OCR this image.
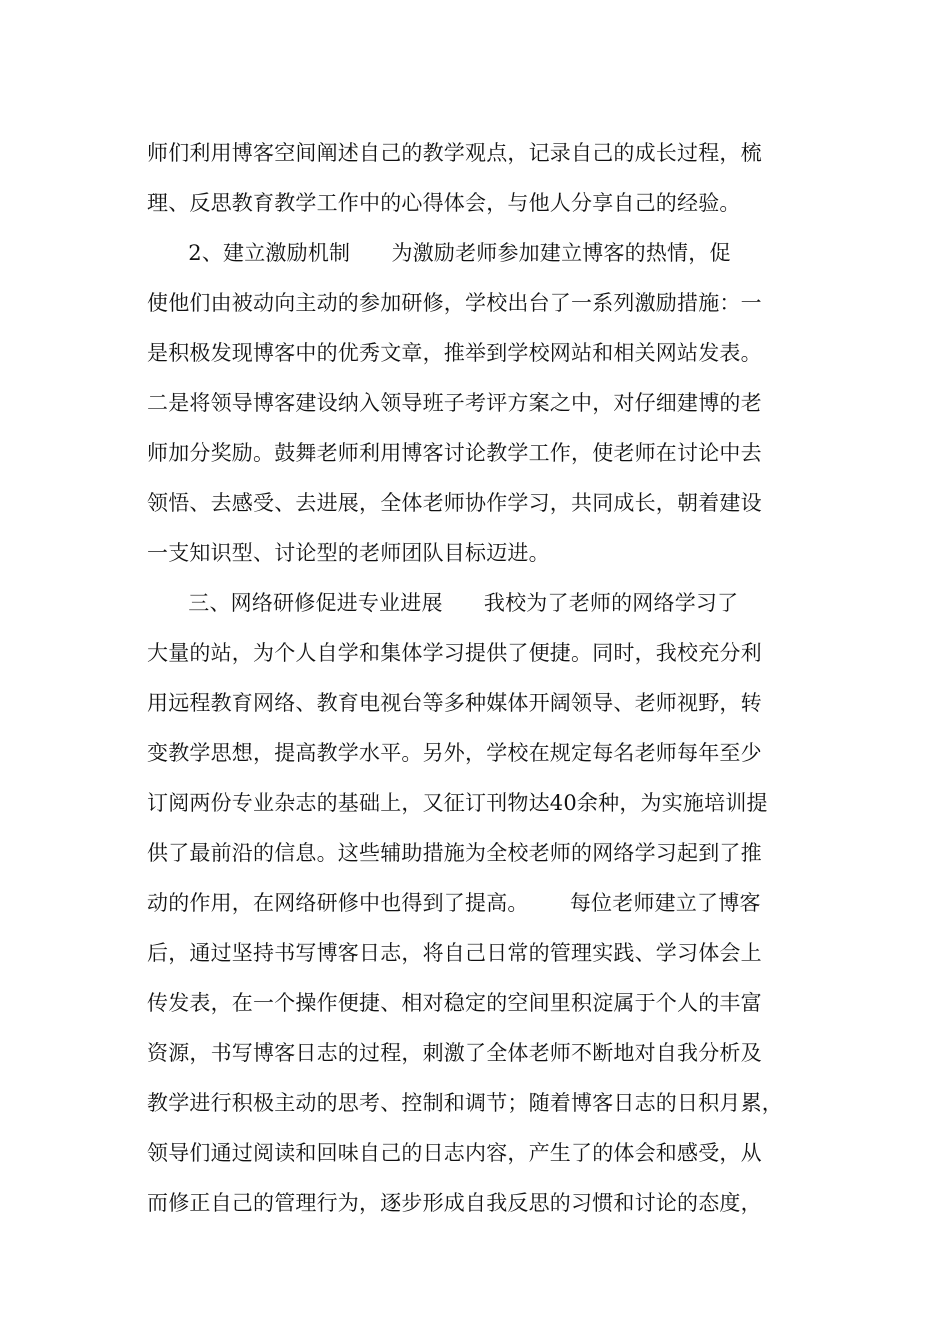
师们利用博客空间阐述自己的教学观点，记录自己的成长过程，梳
理、反思教育教学工作中的心得体会，与他人分享自己的经验。
2、建立激励机制      为激励老师参加建立博客的热情，促
使他们由被动向主动的参加研修，学校出台了一系列激励措施：一
是积极发现博客中的优秀文章，推举到学校网站和相关网站发表。
二是将领导博客建设纳入领导班子考评方案之中，对仔细建博的老
师加分奖励。鼓舞老师利用博客讨论教学工作，使老师在讨论中去
领悟、去感受、去进展，全体老师协作学习，共同成长，朝着建设
一支知识型、讨论型的老师团队目标迈进。
三、网络研修促进专业进展      我校为了老师的网络学习了
大量的站，为个人自学和集体学习提供了便捷。同时，我校充分利
用远程教育网络、教育电视台等多种媒体开阔领导、老师视野，转
变教学思想，提高教学水平。另外，学校在规定每名老师每年至少
订阅两份专业杂志的基础上，又征订刊物达40余种，为实施培训提
供了最前沿的信息。这些辅助措施为全校老师的网络学习起到了推
动的作用，在网络研修中也得到了提高。      每位老师建立了博客
后，通过坚持书写博客日志，将自己日常的管理实践、学习体会上
传发表，在一个操作便捷、相对稳定的空间里积淀属于个人的丰富
资源，书写博客日志的过程，刺激了全体老师不断地对自我分析及
教学进行积极主动的思考、控制和调节；随着博客日志的日积月累，
领导们通过阅读和回味自己的日志内容，产生了的体会和感受，从
而修正自己的管理行为，逐步形成自我反思的习惯和讨论的态度，
